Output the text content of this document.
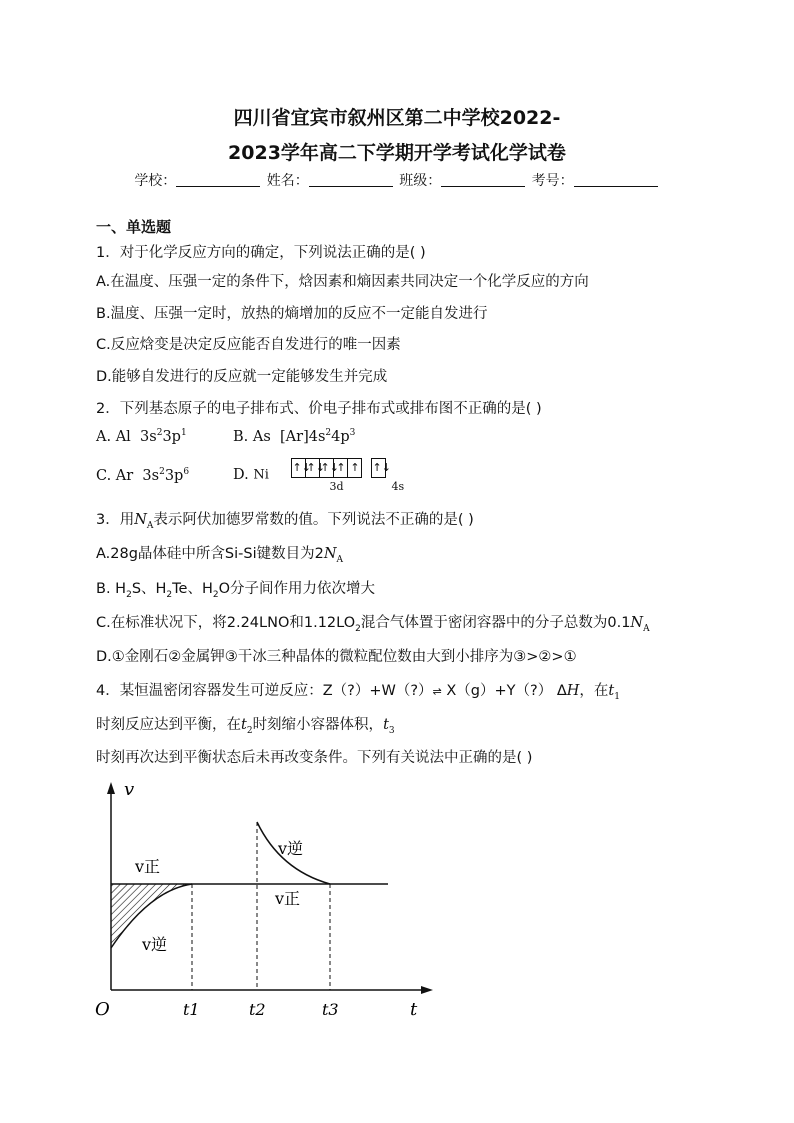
四川省宜宾市叙州区第二中学校2022-
2023学年高二下学期开学考试化学试卷
学校：	姓名：	班级：	考号：
一、单选题
1．对于化学反应方向的确定，下列说法正确的是( )
A.在温度、压强一定的条件下，焓因素和熵因素共同决定一个化学反应的方向
B.温度、压强一定时，放热的熵增加的反应不一定能自发进行
C.反应焓变是决定反应能否自发进行的唯一因素
D.能够自发进行的反应就一定能够发生并完成
2．下列基态原子的电子排布式、价电子排布式或排布图不正确的是( )
A. Al  $3s^23p^1$	B. As $[Ar]4s^24p^3$
C. Ar  $3s^23p^6$	D. Ni ↑↓↑↓↑↓↑ ↑ ↑↓
3d	4s
3．用$N_A$表示阿伏加德罗常数的值。下列说法不正确的是( )
A.28g晶体硅中所含Si-Si键数目为$2N_A$
B. $H_2S$、$H_2Te$、$H_2O$分子间作用力依次增大
C.在标准状况下，将2.24LNO和$1.12LO_2$混合气体置于密闭容器中的分子总数为$0.1N_A$
D.①金刚石②金属钾③干冰三种晶体的微粒配位数由大到小排序为③>②>①
4．某恒温密闭容器发生可逆反应：Z（?）+W（?）⇌ X（g）+Y（?） ΔH，在$t_1$
时刻反应达到平衡，在$t_2$时刻缩小容器体积，$t_3$
时刻再次达到平衡状态后未再改变条件。下列有关说法中正确的是( )
v
t
O
v正
v逆
v正
v逆
t1	t2	t3
